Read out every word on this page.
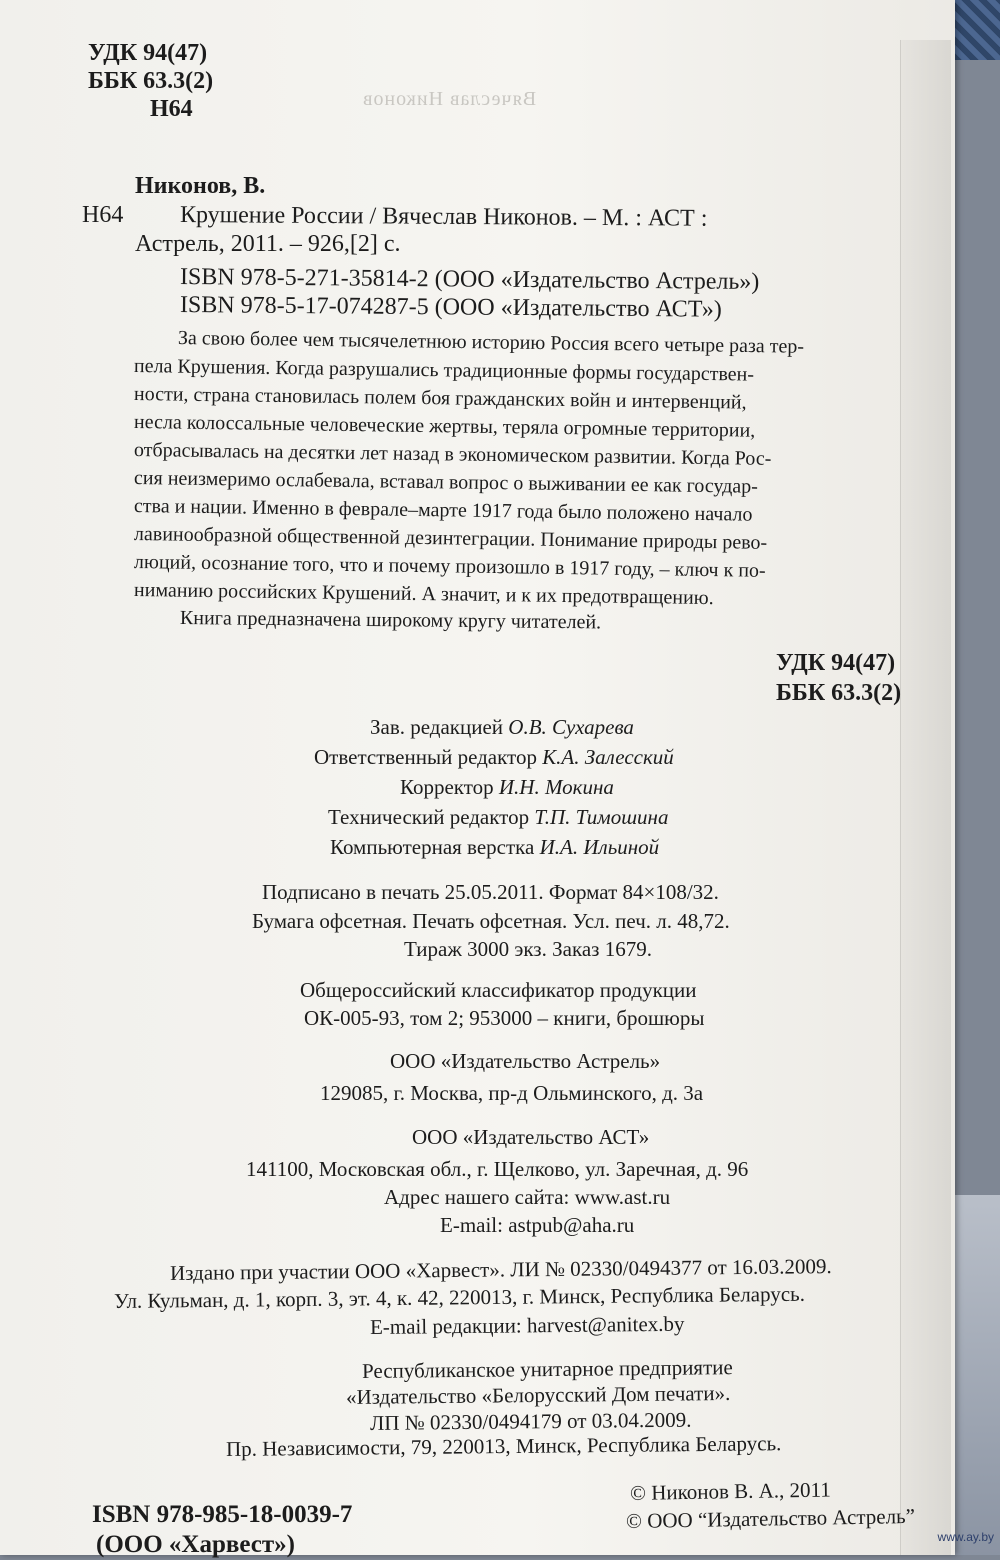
Вячеслав Никонов
УДК 94(47)
ББК 63.3(2)
Н64
Никонов, В.
Н64 Крушение России / Вячеслав Никонов. – М. : АСТ :
Астрель, 2011. – 926,[2] с.
ISBN 978-5-271-35814-2 (ООО «Издательство Астрель»)
ISBN 978-5-17-074287-5 (ООО «Издательство АСТ»)
За свою более чем тысячелетнюю историю Россия всего четыре раза тер-
пела Крушения. Когда разрушались традиционные формы государствен-
ности, страна становилась полем боя гражданских войн и интервенций,
несла колоссальные человеческие жертвы, теряла огромные территории,
отбрасывалась на десятки лет назад в экономическом развитии. Когда Рос-
сия неизмеримо ослабевала, вставал вопрос о выживании ее как государ-
ства и нации. Именно в феврале–марте 1917 года было положено начало
лавинообразной общественной дезинтеграции. Понимание природы рево-
люций, осознание того, что и почему произошло в 1917 году, – ключ к по-
ниманию российских Крушений. А значит, и к их предотвращению.
Книга предназначена широкому кругу читателей.
УДК 94(47)
ББК 63.3(2)
Зав. редакцией О.В. Сухарева
Ответственный редактор К.А. Залесский
Корректор И.Н. Мокина
Технический редактор Т.П. Тимошина
Компьютерная верстка И.А. Ильиной
Подписано в печать 25.05.2011. Формат 84×108/32.
Бумага офсетная. Печать офсетная. Усл. печ. л. 48,72.
Тираж 3000 экз. Заказ 1679.
Общероссийский классификатор продукции
ОК-005-93, том 2; 953000 – книги, брошюры
ООО «Издательство Астрель»
129085, г. Москва, пр-д Ольминского, д. 3а
ООО «Издательство АСТ»
141100, Московская обл., г. Щелково, ул. Заречная, д. 96
Адрес нашего сайта: www.ast.ru
E-mail: astpub@aha.ru
Издано при участии ООО «Харвест». ЛИ № 02330/0494377 от 16.03.2009.
Ул. Кульман, д. 1, корп. 3, эт. 4, к. 42, 220013, г. Минск, Республика Беларусь.
E-mail редакции: harvest@anitex.by
Республиканское унитарное предприятие
«Издательство «Белорусский Дом печати».
ЛП № 02330/0494179 от 03.04.2009.
Пр. Независимости, 79, 220013, Минск, Республика Беларусь.
ISBN 978-985-18-0039-7
(ООО «Харвест»)
© Никонов В. А., 2011
© ООО “Издательство Астрель”
www.ay.by
